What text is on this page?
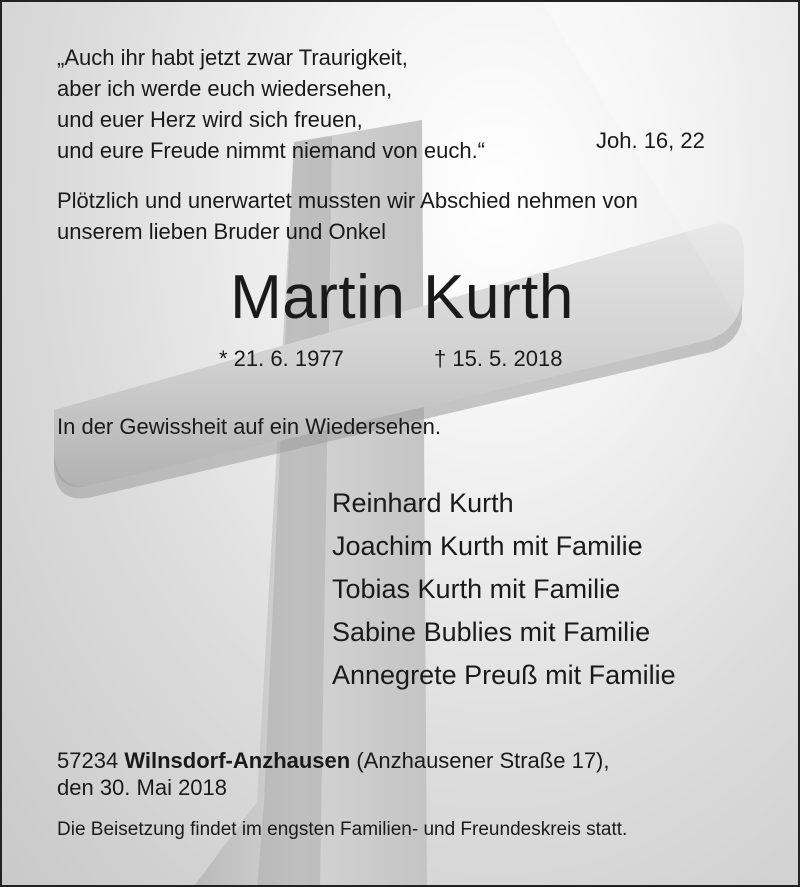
„Auch ihr habt jetzt zwar Traurigkeit,
aber ich werde euch wiedersehen,
und euer Herz wird sich freuen,
und eure Freude nimmt niemand von euch.“	Joh. 16, 22

Plötzlich und unerwartet mussten wir Abschied nehmen von
unserem lieben Bruder und Onkel

Martin Kurth
* 21. 6. 1977	† 15. 5. 2018

In der Gewissheit auf ein Wiedersehen.

Reinhard Kurth
Joachim Kurth mit Familie
Tobias Kurth mit Familie
Sabine Bublies mit Familie
Annegrete Preuß mit Familie

57234 Wilnsdorf-Anzhausen (Anzhausener Straße 17),
den 30. Mai 2018

Die Beisetzung findet im engsten Familien- und Freundeskreis statt.
